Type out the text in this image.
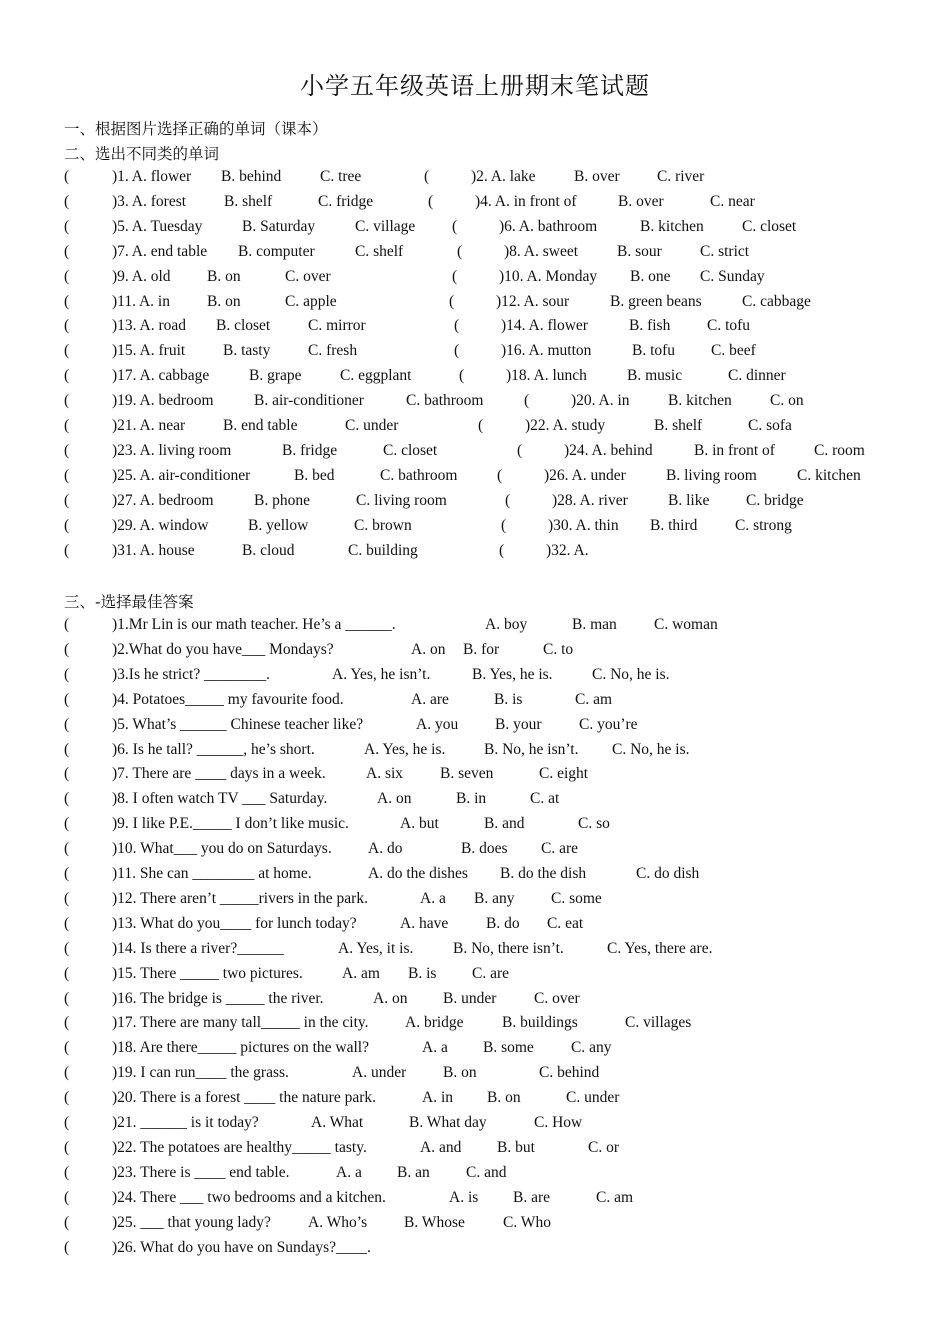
小学五年级英语上册期末笔试题
一、根据图片选择正确的单词（课本）
二、选出不同类的单词
三、-选择最佳答案
(	)1. A. flower B. behind C. tree	(	)2. A. lake B. over C. river
(	)3. A. forest B. shelf	C. fridge	(	)4. A. in front of	B. over	C. near
(	)5. A. Tuesday	B. Saturday	C. village (	)6. A. bathroom	B. kitchen C. closet
(	)7. A. end table B. computer	C. shelf	(	)8. A. sweet	B. sour C. strict
(	)9. A. old B. on	C. over	(	)10. A. Monday B. one C. Sunday
(	)11. A. in B. on	C. apple	(	)12. A. sour	B. green beans	C. cabbage
(	)13. A. road B. closet C. mirror	(	)14. A. flower	B. fish C. tofu
(	)15. A. fruit B. tasty C. fresh	(	)16. A. mutton	B. tofu C. beef
(	)17. A. cabbage	B. grape C. eggplant	(	)18. A. lunch	B. music	C. dinner
(	)19. A. bedroom	B. air-conditioner	C. bathroom	(	)20. A. in B. kitchen C. on
(	)21. A. near B. end table	C. under	(	)22. A. study	B. shelf	C. sofa
(	)23. A. living room	B. fridge	C. closet	(	)24. A. behind	B. in front of	C. room
(	)25. A. air-conditioner	B. bed	C. bathroom	(	)26. A. under	B. living room	C. kitchen
(	)27. A. bedroom	B. phone	C. living room	(	)28. A. river	B. like C. bridge
(	)29. A. window	B. yellow	C. brown	(	)30. A. thin B. third C. strong
(	)31. A. house	B. cloud	C. building	(	)32. A.
(	)1.Mr Lin is our math teacher. He’s a ______.	A. boy	B. man C. woman
(	)2.What do you have___ Mondays?	A. on B. for	C. to
(	)3.Is he strict? ________.	A. Yes, he isn’t.	B. Yes, he is.	C. No, he is.
(	)4. Potatoes_____ my favourite food.	A. are	B. is	C. am
(	)5. What’s ______ Chinese teacher like?	A. you B. your C. you’re
(	)6. Is he tall? ______, he’s short.	A. Yes, he is. B. No, he isn’t. C. No, he is.
(	)7. There are ____ days in a week.	A. six B. seven	C. eight
(	)8. I often watch TV ___ Saturday.	A. on	B. in	C. at
(	)9. I like P.E._____ I don’t like music.	A. but	B. and	C. so
(	)10. What___ you do on Saturdays. A. do	B. does C. are
(	)11. She can ________ at home.	A. do the dishes B. do the dish	C. do dish
(	)12. There aren’t _____rivers in the park.	A. a B. any C. some
(	)13. What do you____ for lunch today?	A. have B. do C. eat
(	)14. Is there a river?______	A. Yes, it is.	B. No, there isn’t.	C. Yes, there are.
(	)15. There _____ two pictures.	A. am B. is C. are
(	)16. The bridge is _____ the river.	A. on B. under C. over
(	)17. There are many tall_____ in the city. A. bridge B. buildings	C. villages
(	)18. Are there_____ pictures on the wall?	A. a B. some C. any
(	)19. I can run____ the grass.	A. under B. on	C. behind
(	)20. There is a forest ____ the nature park.	A. in B. on	C. under
(	)21. ______ is it today?	A. What	B. What day	C. How
(	)22. The potatoes are healthy_____ tasty.	A. and B. but	C. or
(	)23. There is ____ end table.	A. a B. an C. and
(	)24. There ___ two bedrooms and a kitchen.	A. is B. are	C. am
(	)25. ___ that young lady? A. Who’s B. Whose C. Who
(	)26. What do you have on Sundays?____.
